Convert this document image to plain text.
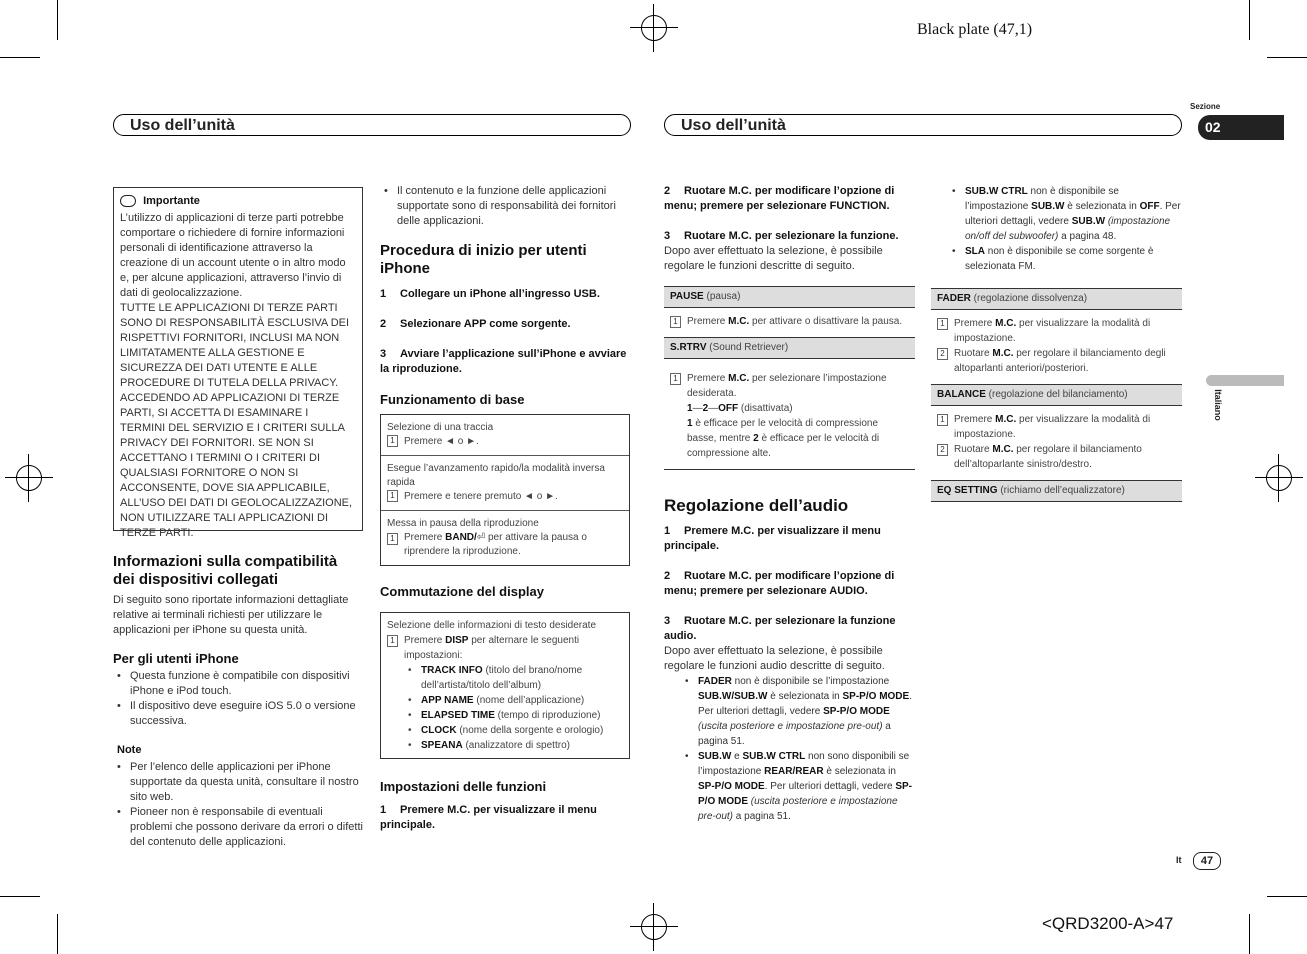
Black plate (47,1)
Uso dell’unità	Uso dell’unità
Sezione
02
Italiano
It	47
<QRD3200-A>47
Importante

L’utilizzo di applicazioni di terze parti potrebbe comportare o richiedere di fornire informazioni personali di identificazione attraverso la creazione di un account utente o in altro modo e, per alcune applicazioni, attraverso l’invio di dati di geolocalizzazione.

TUTTE LE APPLICAZIONI DI TERZE PARTI SONO DI RESPONSABILITÀ ESCLUSIVA DEI RISPETTIVI FORNITORI, INCLUSI MA NON LIMITATAMENTE ALLA GESTIONE E SICUREZZA DEI DATI UTENTE E ALLE PROCEDURE DI TUTELA DELLA PRIVACY. ACCEDENDO AD APPLICAZIONI DI TERZE PARTI, SI ACCETTA DI ESAMINARE I TERMINI DEL SERVIZIO E I CRITERI SULLA PRIVACY DEI FORNITORI. SE NON SI ACCETTANO I TERMINI O I CRITERI DI QUALSIASI FORNITORE O NON SI ACCONSENTE, DOVE SIA APPLICABILE, ALL’USO DEI DATI DI GEOLOCALIZZAZIONE, NON UTILIZZARE TALI APPLICAZIONI DI TERZE PARTI.

Informazioni sulla compatibilità dei dispositivi collegati

Di seguito sono riportate informazioni dettagliate relative ai terminali richiesti per utilizzare le applicazioni per iPhone su questa unità.

Per gli utenti iPhone

• Questa funzione è compatibile con dispositivi iPhone e iPod touch.
• Il dispositivo deve eseguire iOS 5.0 o versione successiva.

Note

• Per l’elenco delle applicazioni per iPhone supportate da questa unità, consultare il nostro sito web.
• Pioneer non è responsabile di eventuali problemi che possono derivare da errori o difetti del contenuto delle applicazioni.
• Il contenuto e la funzione delle applicazioni supportate sono di responsabilità dei fornitori delle applicazioni.

Procedura di inizio per utenti iPhone

1 Collegare un iPhone all’ingresso USB.
2 Selezionare APP come sorgente.
3 Avviare l’applicazione sull’iPhone e avviare la riproduzione.

Funzionamento di base

Selezione di una traccia
1 Premere ◄ o ►.
Esegue l’avanzamento rapido/la modalità inversa rapida
1 Premere e tenere premuto ◄ o ►.
Messa in pausa della riproduzione
1 Premere BAND/⏎ per attivare la pausa o riprendere la riproduzione.

Commutazione del display

Selezione delle informazioni di testo desiderate
1 Premere DISP per alternare le seguenti impostazioni:
• TRACK INFO (titolo del brano/nome dell’artista/titolo dell’album)
• APP NAME (nome dell’applicazione)
• ELAPSED TIME (tempo di riproduzione)
• CLOCK (nome della sorgente e orologio)
• SPEANA (analizzatore di spettro)

Impostazioni delle funzioni

1 Premere M.C. per visualizzare il menu principale.
2 Ruotare M.C. per modificare l’opzione di menu; premere per selezionare FUNCTION.
3 Ruotare M.C. per selezionare la funzione.

Dopo aver effettuato la selezione, è possibile regolare le funzioni descritte di seguito.

PAUSE (pausa)
1 Premere M.C. per attivare o disattivare la pausa.
S.RTRV (Sound Retriever)
1 Premere M.C. per selezionare l’impostazione desiderata.
1—2—OFF (disattivata)
1 è efficace per le velocità di compressione basse, mentre 2 è efficace per le velocità di compressione alte.

Regolazione dell’audio

1 Premere M.C. per visualizzare il menu principale.
2 Ruotare M.C. per modificare l’opzione di menu; premere per selezionare AUDIO.
3 Ruotare M.C. per selezionare la funzione audio.

Dopo aver effettuato la selezione, è possibile regolare le funzioni audio descritte di seguito.

• FADER non è disponibile se l’impostazione SUB.W/SUB.W è selezionata in SP-P/O MODE. Per ulteriori dettagli, vedere SP-P/O MODE (uscita posteriore e impostazione pre-out) a pagina 51.
• SUB.W e SUB.W CTRL non sono disponibili se l’impostazione REAR/REAR è selezionata in SP-P/O MODE. Per ulteriori dettagli, vedere SP-P/O MODE (uscita posteriore e impostazione pre-out) a pagina 51.
• SUB.W CTRL non è disponibile se l’impostazione SUB.W è selezionata in OFF. Per ulteriori dettagli, vedere SUB.W (impostazione on/off del subwoofer) a pagina 48.
• SLA non è disponibile se come sorgente è selezionata FM.
FADER (regolazione dissolvenza)
1 Premere M.C. per visualizzare la modalità di impostazione.
2 Ruotare M.C. per regolare il bilanciamento degli altoparlanti anteriori/posteriori.
BALANCE (regolazione del bilanciamento)
1 Premere M.C. per visualizzare la modalità di impostazione.
2 Ruotare M.C. per regolare il bilanciamento dell’altoparlante sinistro/destro.
EQ SETTING (richiamo dell’equalizzatore)
